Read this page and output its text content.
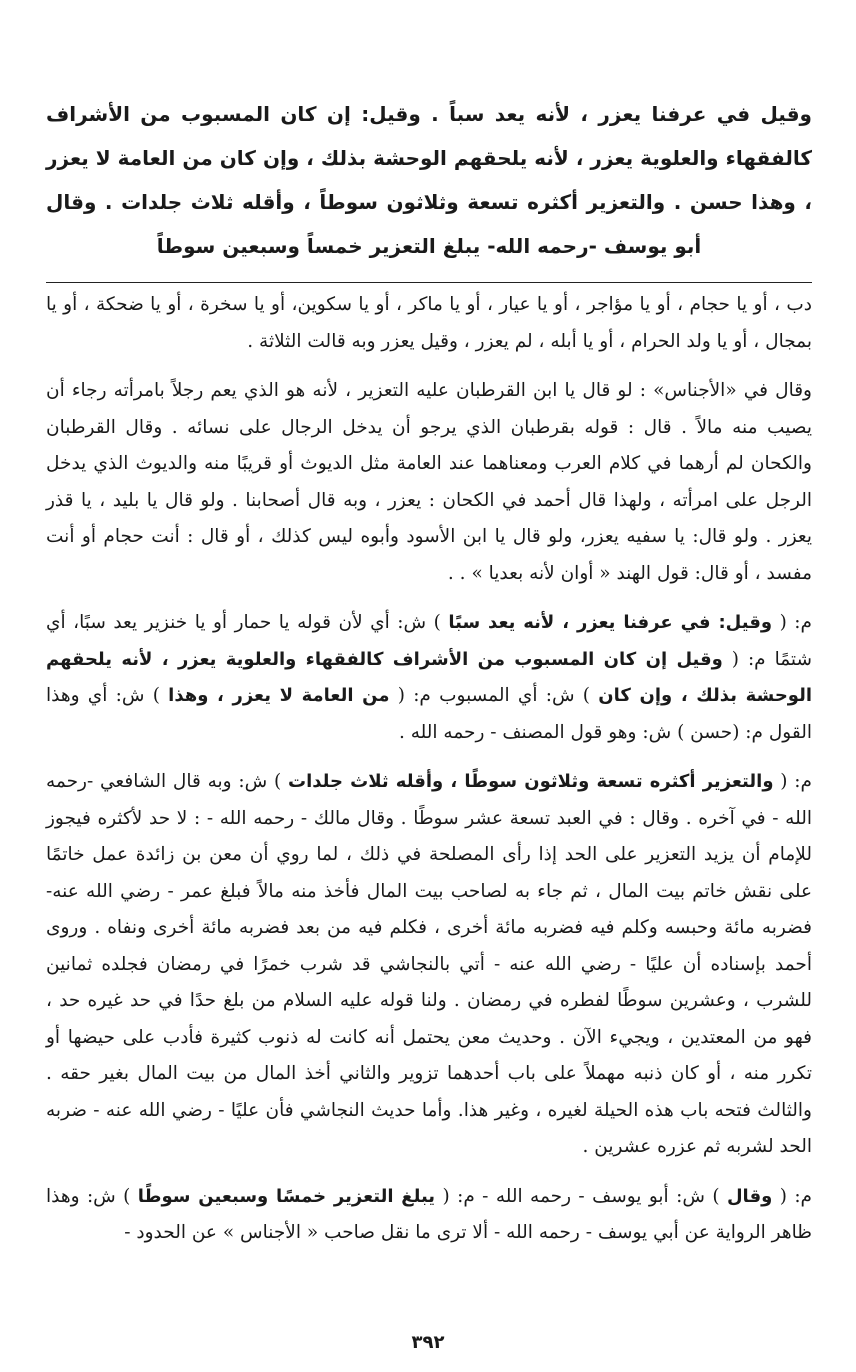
وقيل في عرفنا يعزر ، لأنه يعد سباً . وقيل: إن كان المسبوب من الأشراف كالفقهاء والعلوية يعزر ، لأنه يلحقهم الوحشة بذلك ، وإن كان من العامة لا يعزر ، وهذا حسن . والتعزير أكثره تسعة وثلاثون سوطاً ، وأقله ثلاث جلدات . وقال أبو يوسف -رحمه الله- يبلغ التعزير خمساً وسبعين سوطاً

دب ، أو يا حجام ، أو يا مؤاجر ، أو يا عيار ، أو يا ماكر ، أو يا سكوين، أو يا سخرة ، أو يا ضحكة ، أو يا بمجال ، أو يا ولد الحرام ، أو يا أبله ، لم يعزر ، وقيل يعزر وبه قالت الثلاثة .

وقال في «الأجناس» : لو قال يا ابن القرطبان عليه التعزير ، لأنه هو الذي يعم رجلاً بامرأته رجاء أن يصيب منه مالاً . قال : قوله بقرطبان الذي يرجو أن يدخل الرجال على نسائه . وقال القرطبان والكحان لم أرهما في كلام العرب ومعناهما عند العامة مثل الديوث أو قريبًا منه والديوث الذي يدخل الرجل على امرأته ، ولهذا قال أحمد في الكحان : يعزر ، وبه قال أصحابنا . ولو قال يا بليد ، يا قذر يعزر . ولو قال: يا سفيه يعزر، ولو قال يا ابن الأسود وأبوه ليس كذلك ، أو قال : أنت حجام أو أنت مفسد ، أو قال: قول الهند « أوان لأنه بعديا » . .

م: ( وقيل: في عرفنا يعزر ، لأنه يعد سبًا ) ش: أي لأن قوله يا حمار أو يا خنزير يعد سبًا، أي شتمًا م: ( وقيل إن كان المسبوب من الأشراف كالفقهاء والعلوية يعزر ، لأنه يلحقهم الوحشة بذلك ، وإن كان ) ش: أي المسبوب م: ( من العامة لا يعزر ، وهذا ) ش: أي وهذا القول م: (حسن ) ش: وهو قول المصنف - رحمه الله .

م: ( والتعزير أكثره تسعة وثلاثون سوطًا ، وأقله ثلاث جلدات ) ش: وبه قال الشافعي -رحمه الله - في آخره . وقال : في العبد تسعة عشر سوطًا . وقال مالك - رحمه الله - : لا حد لأكثره فيجوز للإمام أن يزيد التعزير على الحد إذا رأى المصلحة في ذلك ، لما روي أن معن بن زائدة عمل خاتمًا على نقش خاتم بيت المال ، ثم جاء به لصاحب بيت المال فأخذ منه مالاً فبلغ عمر - رضي الله عنه- فضربه مائة وحبسه وكلم فيه فضربه مائة أخرى ، فكلم فيه من بعد فضربه مائة أخرى ونفاه . وروى أحمد بإسناده أن عليًا - رضي الله عنه - أتي بالنجاشي قد شرب خمرًا في رمضان فجلده ثمانين للشرب ، وعشرين سوطًا لفطره في رمضان . ولنا قوله عليه السلام من بلغ حدًا في حد غيره حد ، فهو من المعتدين ، ويجيء الآن . وحديث معن يحتمل أنه كانت له ذنوب كثيرة فأدب على حيضها أو تكرر منه ، أو كان ذنبه مهملاً على باب أحدهما تزوير والثاني أخذ المال من بيت المال بغير حقه . والثالث فتحه باب هذه الحيلة لغيره ، وغير هذا. وأما حديث النجاشي فأن عليًا - رضي الله عنه - ضربه الحد لشربه ثم عزره عشرين .

م: ( وقال ) ش: أبو يوسف - رحمه الله - م: ( يبلغ التعزير خمسًا وسبعين سوطًا ) ش: وهذا ظاهر الرواية عن أبي يوسف - رحمه الله - ألا ترى ما نقل صاحب « الأجناس » عن الحدود -

٣٩٢
